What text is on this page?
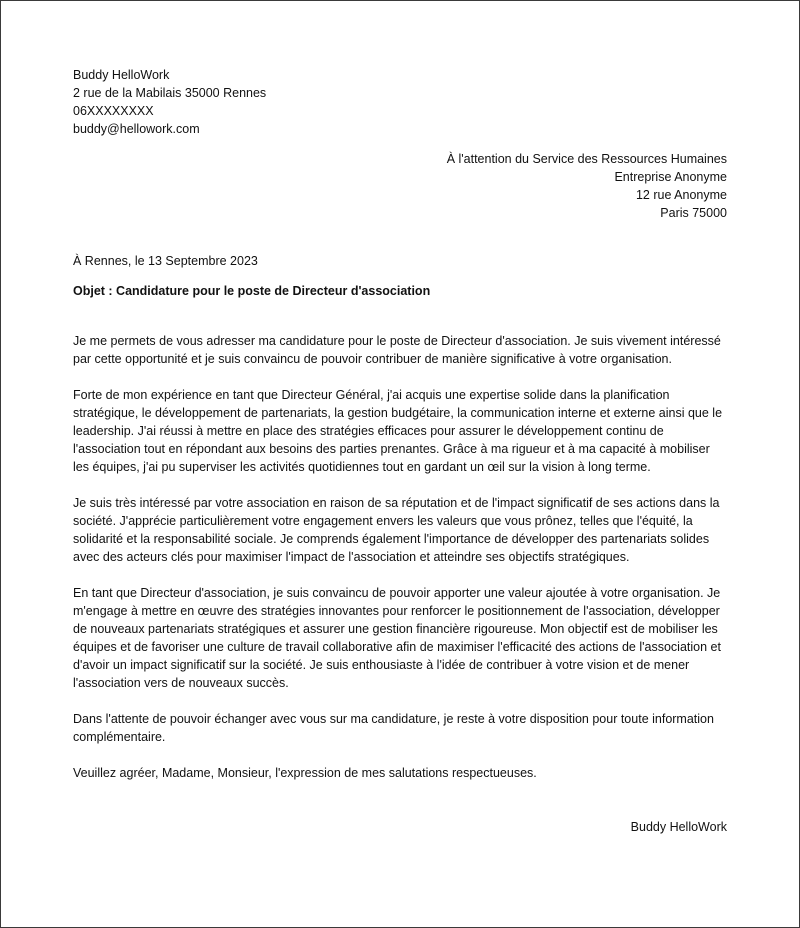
Buddy HelloWork
2 rue de la Mabilais 35000 Rennes
06XXXXXXXX
buddy@hellowork.com
À l'attention du Service des Ressources Humaines
Entreprise Anonyme
12 rue Anonyme
Paris 75000
À Rennes, le 13 Septembre 2023
Objet : Candidature pour le poste de Directeur d'association

Je me permets de vous adresser ma candidature pour le poste de Directeur d'association. Je suis vivement intéressé par cette opportunité et je suis convaincu de pouvoir contribuer de manière significative à votre organisation.

Forte de mon expérience en tant que Directeur Général, j'ai acquis une expertise solide dans la planification stratégique, le développement de partenariats, la gestion budgétaire, la communication interne et externe ainsi que le leadership. J'ai réussi à mettre en place des stratégies efficaces pour assurer le développement continu de l'association tout en répondant aux besoins des parties prenantes. Grâce à ma rigueur et à ma capacité à mobiliser les équipes, j'ai pu superviser les activités quotidiennes tout en gardant un œil sur la vision à long terme.

Je suis très intéressé par votre association en raison de sa réputation et de l'impact significatif de ses actions dans la société. J'apprécie particulièrement votre engagement envers les valeurs que vous prônez, telles que l'équité, la solidarité et la responsabilité sociale. Je comprends également l'importance de développer des partenariats solides avec des acteurs clés pour maximiser l'impact de l'association et atteindre ses objectifs stratégiques.

En tant que Directeur d'association, je suis convaincu de pouvoir apporter une valeur ajoutée à votre organisation. Je m'engage à mettre en œuvre des stratégies innovantes pour renforcer le positionnement de l'association, développer de nouveaux partenariats stratégiques et assurer une gestion financière rigoureuse. Mon objectif est de mobiliser les équipes et de favoriser une culture de travail collaborative afin de maximiser l'efficacité des actions de l'association et d'avoir un impact significatif sur la société. Je suis enthousiaste à l'idée de contribuer à votre vision et de mener l'association vers de nouveaux succès.

Dans l'attente de pouvoir échanger avec vous sur ma candidature, je reste à votre disposition pour toute information complémentaire.

Veuillez agréer, Madame, Monsieur, l'expression de mes salutations respectueuses.

Buddy HelloWork
